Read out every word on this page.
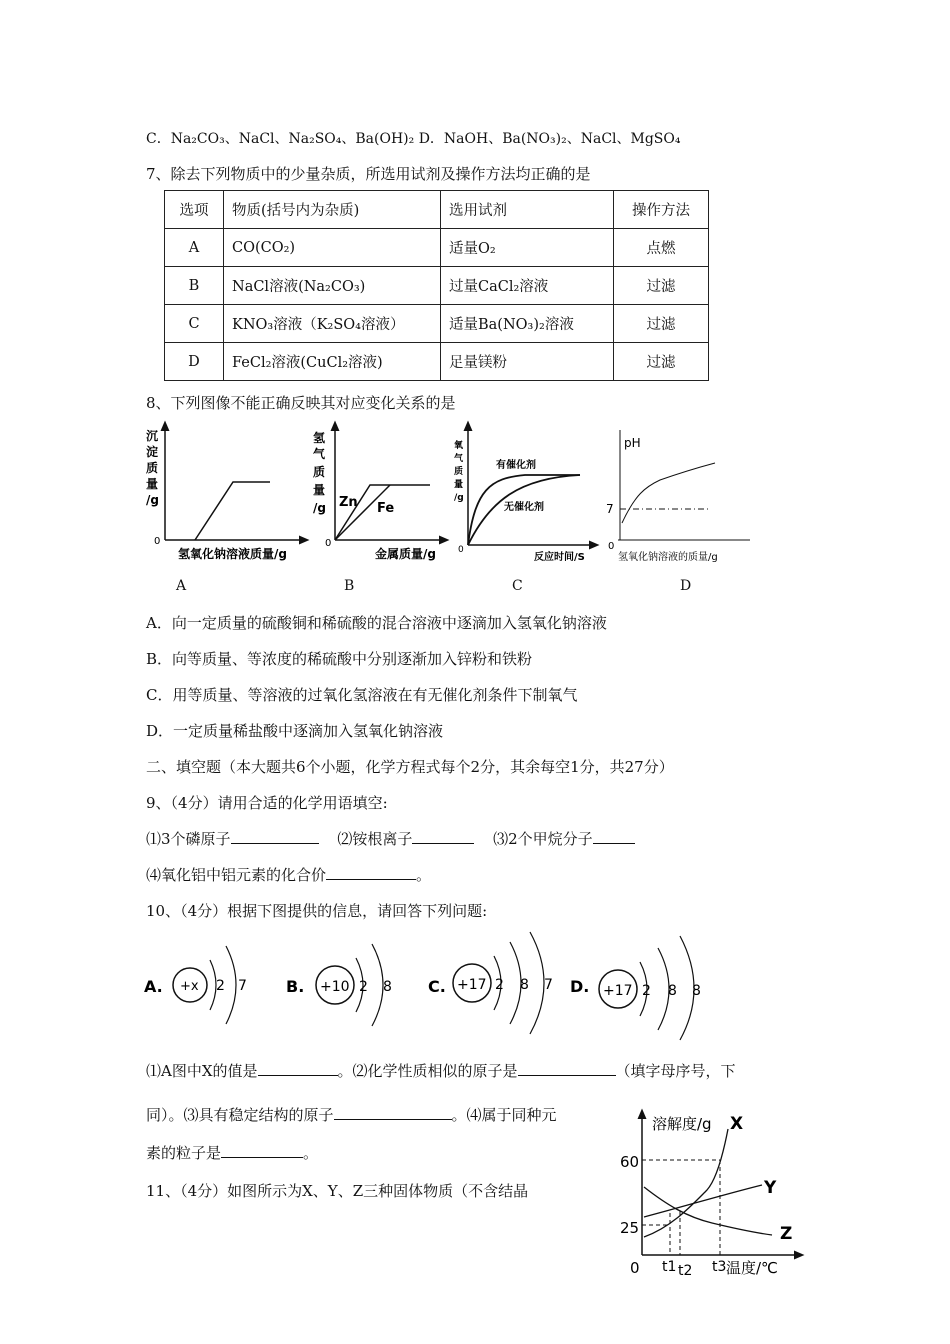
C．Na₂CO₃、NaCl、Na₂SO₄、Ba(OH)₂ D．NaOH、Ba(NO₃)₂、NaCl、MgSO₄
7、除去下列物质中的少量杂质，所选用试剂及操作方法均正确的是
选项	物质(括号内为杂质)	选用试剂	操作方法
A	CO(CO₂)	适量O₂	点燃
B	NaCl溶液(Na₂CO₃)	过量CaCl₂溶液	过滤
C	KNO₃溶液（K₂SO₄溶液）	适量Ba(NO₃)₂溶液	过滤
D	FeCl₂溶液(CuCl₂溶液)	足量镁粉	过滤
8、下列图像不能正确反映其对应变化关系的是
沉
淀
质
量
/g
0
氢氧化钠溶液质量/g
氢
气
质
量
/g Zn Fe
0
金属质量/g
氧
气
质
量
/g
有催化剂
无催化剂
0
反应时间/S
pH
7
0
氢氧化钠溶液的质量/g
A	B	C	D
A．向一定质量的硫酸铜和稀硫酸的混合溶液中逐滴加入氢氧化钠溶液
B．向等质量、等浓度的稀硫酸中分别逐渐加入锌粉和铁粉
C．用等质量、等溶液的过氧化氢溶液在有无催化剂条件下制氧气
D．一定质量稀盐酸中逐滴加入氢氧化钠溶液
二、填空题（本大题共6个小题，化学方程式每个2分，其余每空1分，共27分）
9、（4分）请用合适的化学用语填空:
⑴3个磷原子	⑵铵根离子	⑶2个甲烷分子
⑷氧化铝中铝元素的化合价	。
10、（4分）根据下图提供的信息，请回答下列问题:
A. +x 2 7 B. +10 2 8 C. +17 2 8 7 D. +17 2 8 8
⑴A图中X的值是	。⑵化学性质相似的原子是	（填字母序号，下
同）。⑶具有稳定结构的原子	。⑷属于同种元
素的粒子是	。
11、（4分）如图所示为X、Y、Z三种固体物质（不含结晶
溶解度/g
温度/℃
0
60
25
X
Y
Z
t1 t2 t3
